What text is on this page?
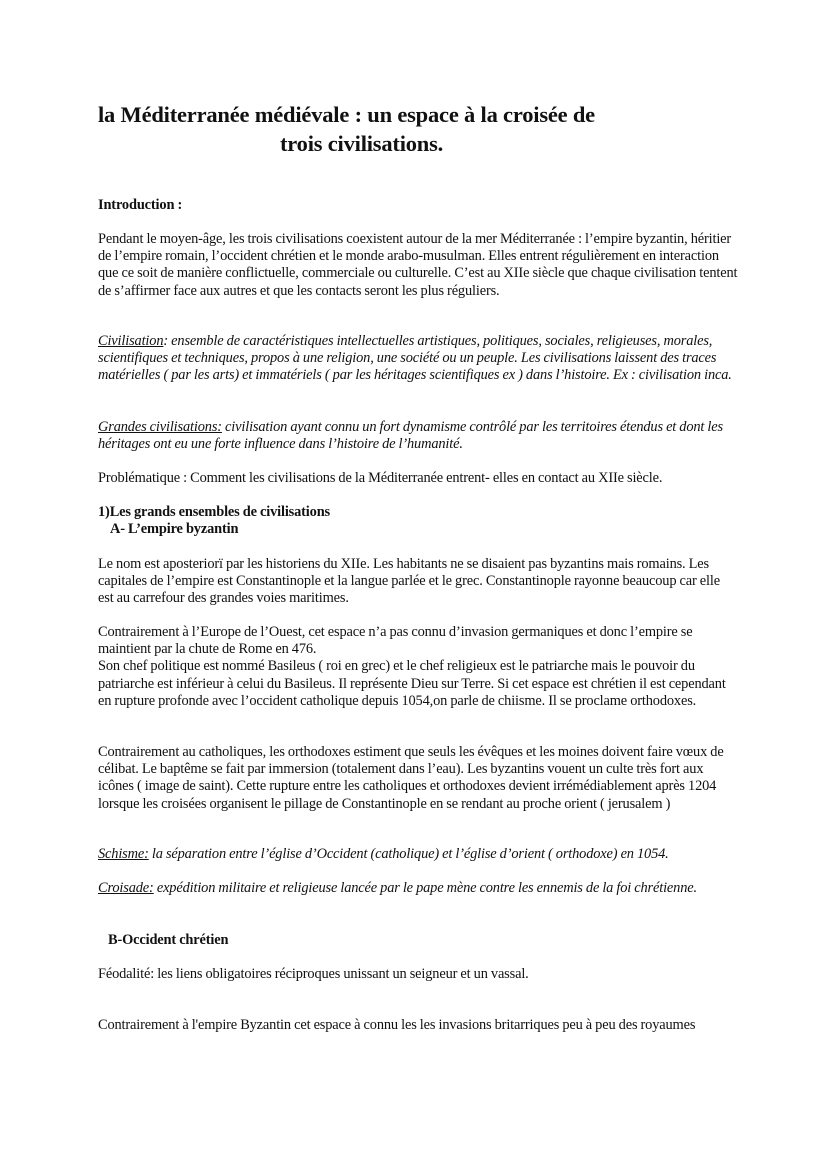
la Méditerranée médiévale : un espace à la croisée de
trois civilisations.

Introduction :

Pendant le moyen-âge, les trois civilisations coexistent autour de la mer Méditerranée : l’empire byzantin, héritier de l’empire romain, l’occident chrétien et le monde arabo-musulman. Elles entrent régulièrement en interaction que ce soit de manière conflictuelle, commerciale ou culturelle. C’est au XIIe siècle que chaque civilisation tentent de s’affirmer face aux autres et que les contacts seront les plus réguliers.

Civilisation: ensemble de caractéristiques intellectuelles artistiques, politiques, sociales, religieuses, morales, scientifiques et techniques, propos à une religion, une société ou un peuple. Les civilisations laissent des traces matérielles ( par les arts) et immatériels ( par les héritages scientifiques ex ) dans l’histoire. Ex : civilisation inca.

Grandes civilisations: civilisation ayant connu un fort dynamisme contrôlé par les territoires étendus et dont les héritages ont eu une forte influence dans l’histoire de l’humanité.

Problématique : Comment les civilisations de la Méditerranée entrent- elles en contact au XIIe siècle.

1)Les grands ensembles de civilisations

A- L’empire byzantin

Le nom est aposteriorï par les historiens du XIIe. Les habitants ne se disaient pas byzantins mais romains. Les capitales de l’empire est Constantinople et la langue parlée et le grec. Constantinople rayonne beaucoup car elle est au carrefour des grandes voies maritimes.

Contrairement à l’Europe de l’Ouest, cet espace n’a pas connu d’invasion germaniques et donc l’empire se maintient par la chute de Rome en 476.
Son chef politique est nommé Basileus ( roi en grec) et le chef religieux est le patriarche mais le pouvoir du patriarche est inférieur à celui du Basileus. Il représente Dieu sur Terre. Si cet espace est chrétien il est cependant en rupture profonde avec l’occident catholique depuis 1054,on parle de chiisme. Il se proclame orthodoxes.

Contrairement au catholiques, les orthodoxes estiment que seuls les évêques et les moines doivent faire vœux de célibat. Le baptême se fait par immersion (totalement dans l’eau). Les byzantins vouent un culte très fort aux icônes ( image de saint). Cette rupture entre les catholiques et orthodoxes devient irrémédiablement après 1204 lorsque les croisées organisent le pillage de Constantinople en se rendant au proche orient ( jerusalem )

Schisme: la séparation entre l’église d’Occident (catholique) et l’église d’orient ( orthodoxe) en 1054.

Croisade: expédition militaire et religieuse lancée par le pape mène contre les ennemis de la foi chrétienne.

B-Occident chrétien

Féodalité: les liens obligatoires réciproques unissant un seigneur et un vassal.

Contrairement à l'empire Byzantin cet espace à connu les les invasions britarriques peu à peu des royaumes
